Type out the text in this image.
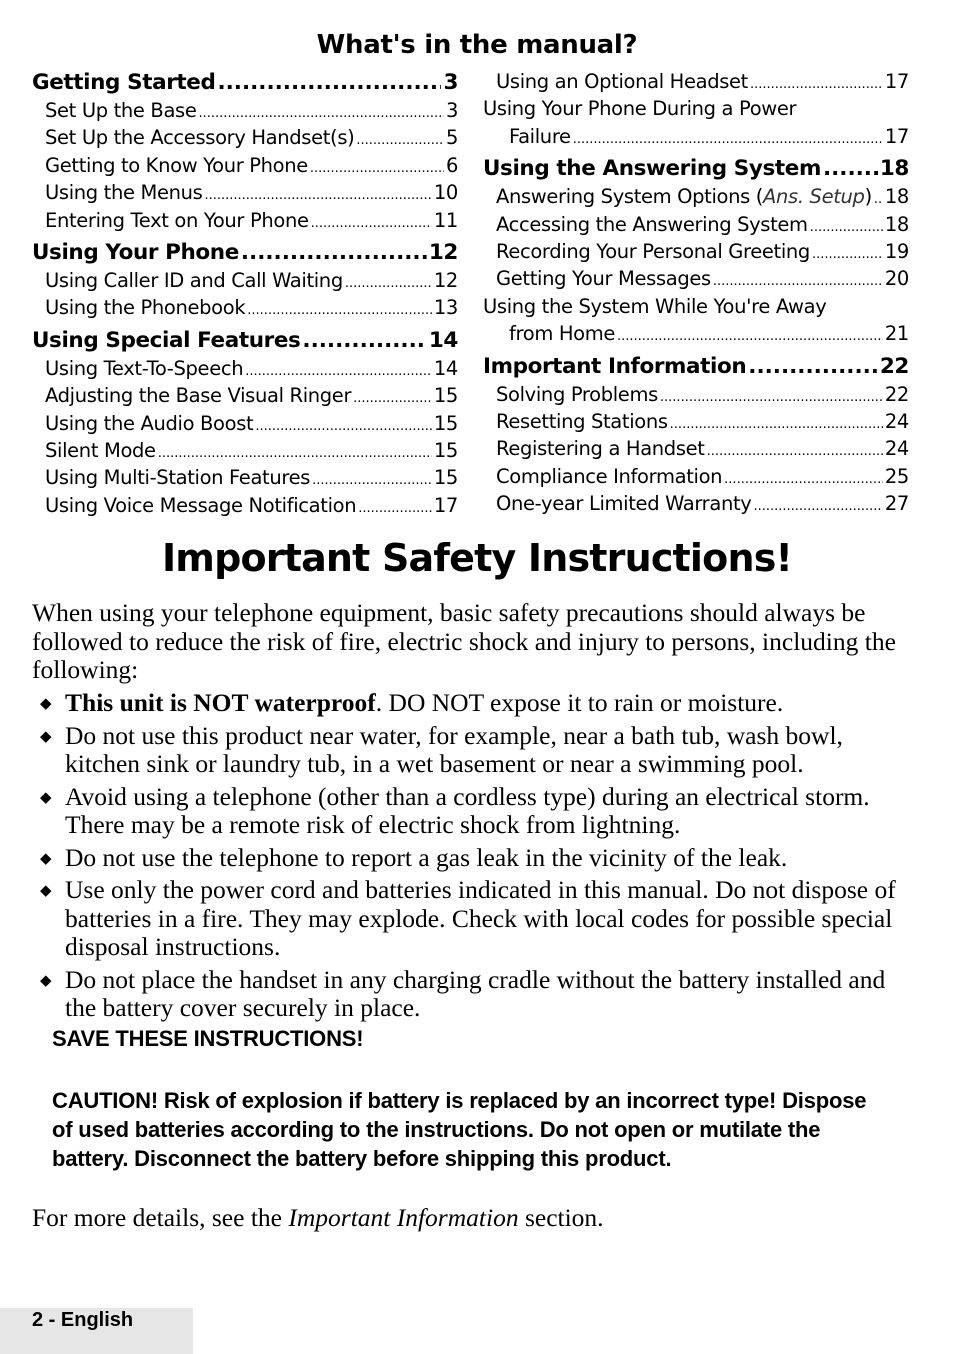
What's in the manual?
Getting Started .....	3
Set Up the Base .....	3
Set Up the Accessory Handset(s) .....	5
Getting to Know Your Phone .....	6
Using the Menus .....	10
Entering Text on Your Phone .....	11
Using Your Phone .....	12
Using Caller ID and Call Waiting .....	12
Using the Phonebook .....	13
Using Special Features .....	14
Using Text-To-Speech .....	14
Adjusting the Base Visual Ringer .....	15
Using the Audio Boost .....	15
Silent Mode .....	15
Using Multi-Station Features .....	15
Using Voice Message Notification .....	17
Using an Optional Headset .....	17
Using Your Phone During a Power
Failure .....	17
Using the Answering System .....	18
Answering System Options ( Ans. Setup ) ..... 18
Accessing the Answering System .....	18
Recording Your Personal Greeting .....	19
Getting Your Messages .....	20
Using the System While You're Away
from Home .....	21
Important Information .....	22
Solving Problems .....	22
Resetting Stations .....	24
Registering a Handset .....	24
Compliance Information .....	25
One-year Limited Warranty .....	27
Important Safety Instructions!
When using your telephone equipment, basic safety precautions should always be followed to reduce the risk of fire, electric shock and injury to persons, including the following:
◆ This unit is NOT waterproof. DO NOT expose it to rain or moisture.
◆ Do not use this product near water, for example, near a bath tub, wash bowl, kitchen sink or laundry tub, in a wet basement or near a swimming pool.
◆ Avoid using a telephone (other than a cordless type) during an electrical storm. There may be a remote risk of electric shock from lightning.
◆ Do not use the telephone to report a gas leak in the vicinity of the leak.
◆ Use only the power cord and batteries indicated in this manual. Do not dispose of batteries in a fire. They may explode. Check with local codes for possible special disposal instructions.
◆ Do not place the handset in any charging cradle without the battery installed and the battery cover securely in place.
SAVE THESE INSTRUCTIONS!
CAUTION! Risk of explosion if battery is replaced by an incorrect type! Dispose of used batteries according to the instructions. Do not open or mutilate the battery. Disconnect the battery before shipping this product.
For more details, see the Important Information section.
2 - English
